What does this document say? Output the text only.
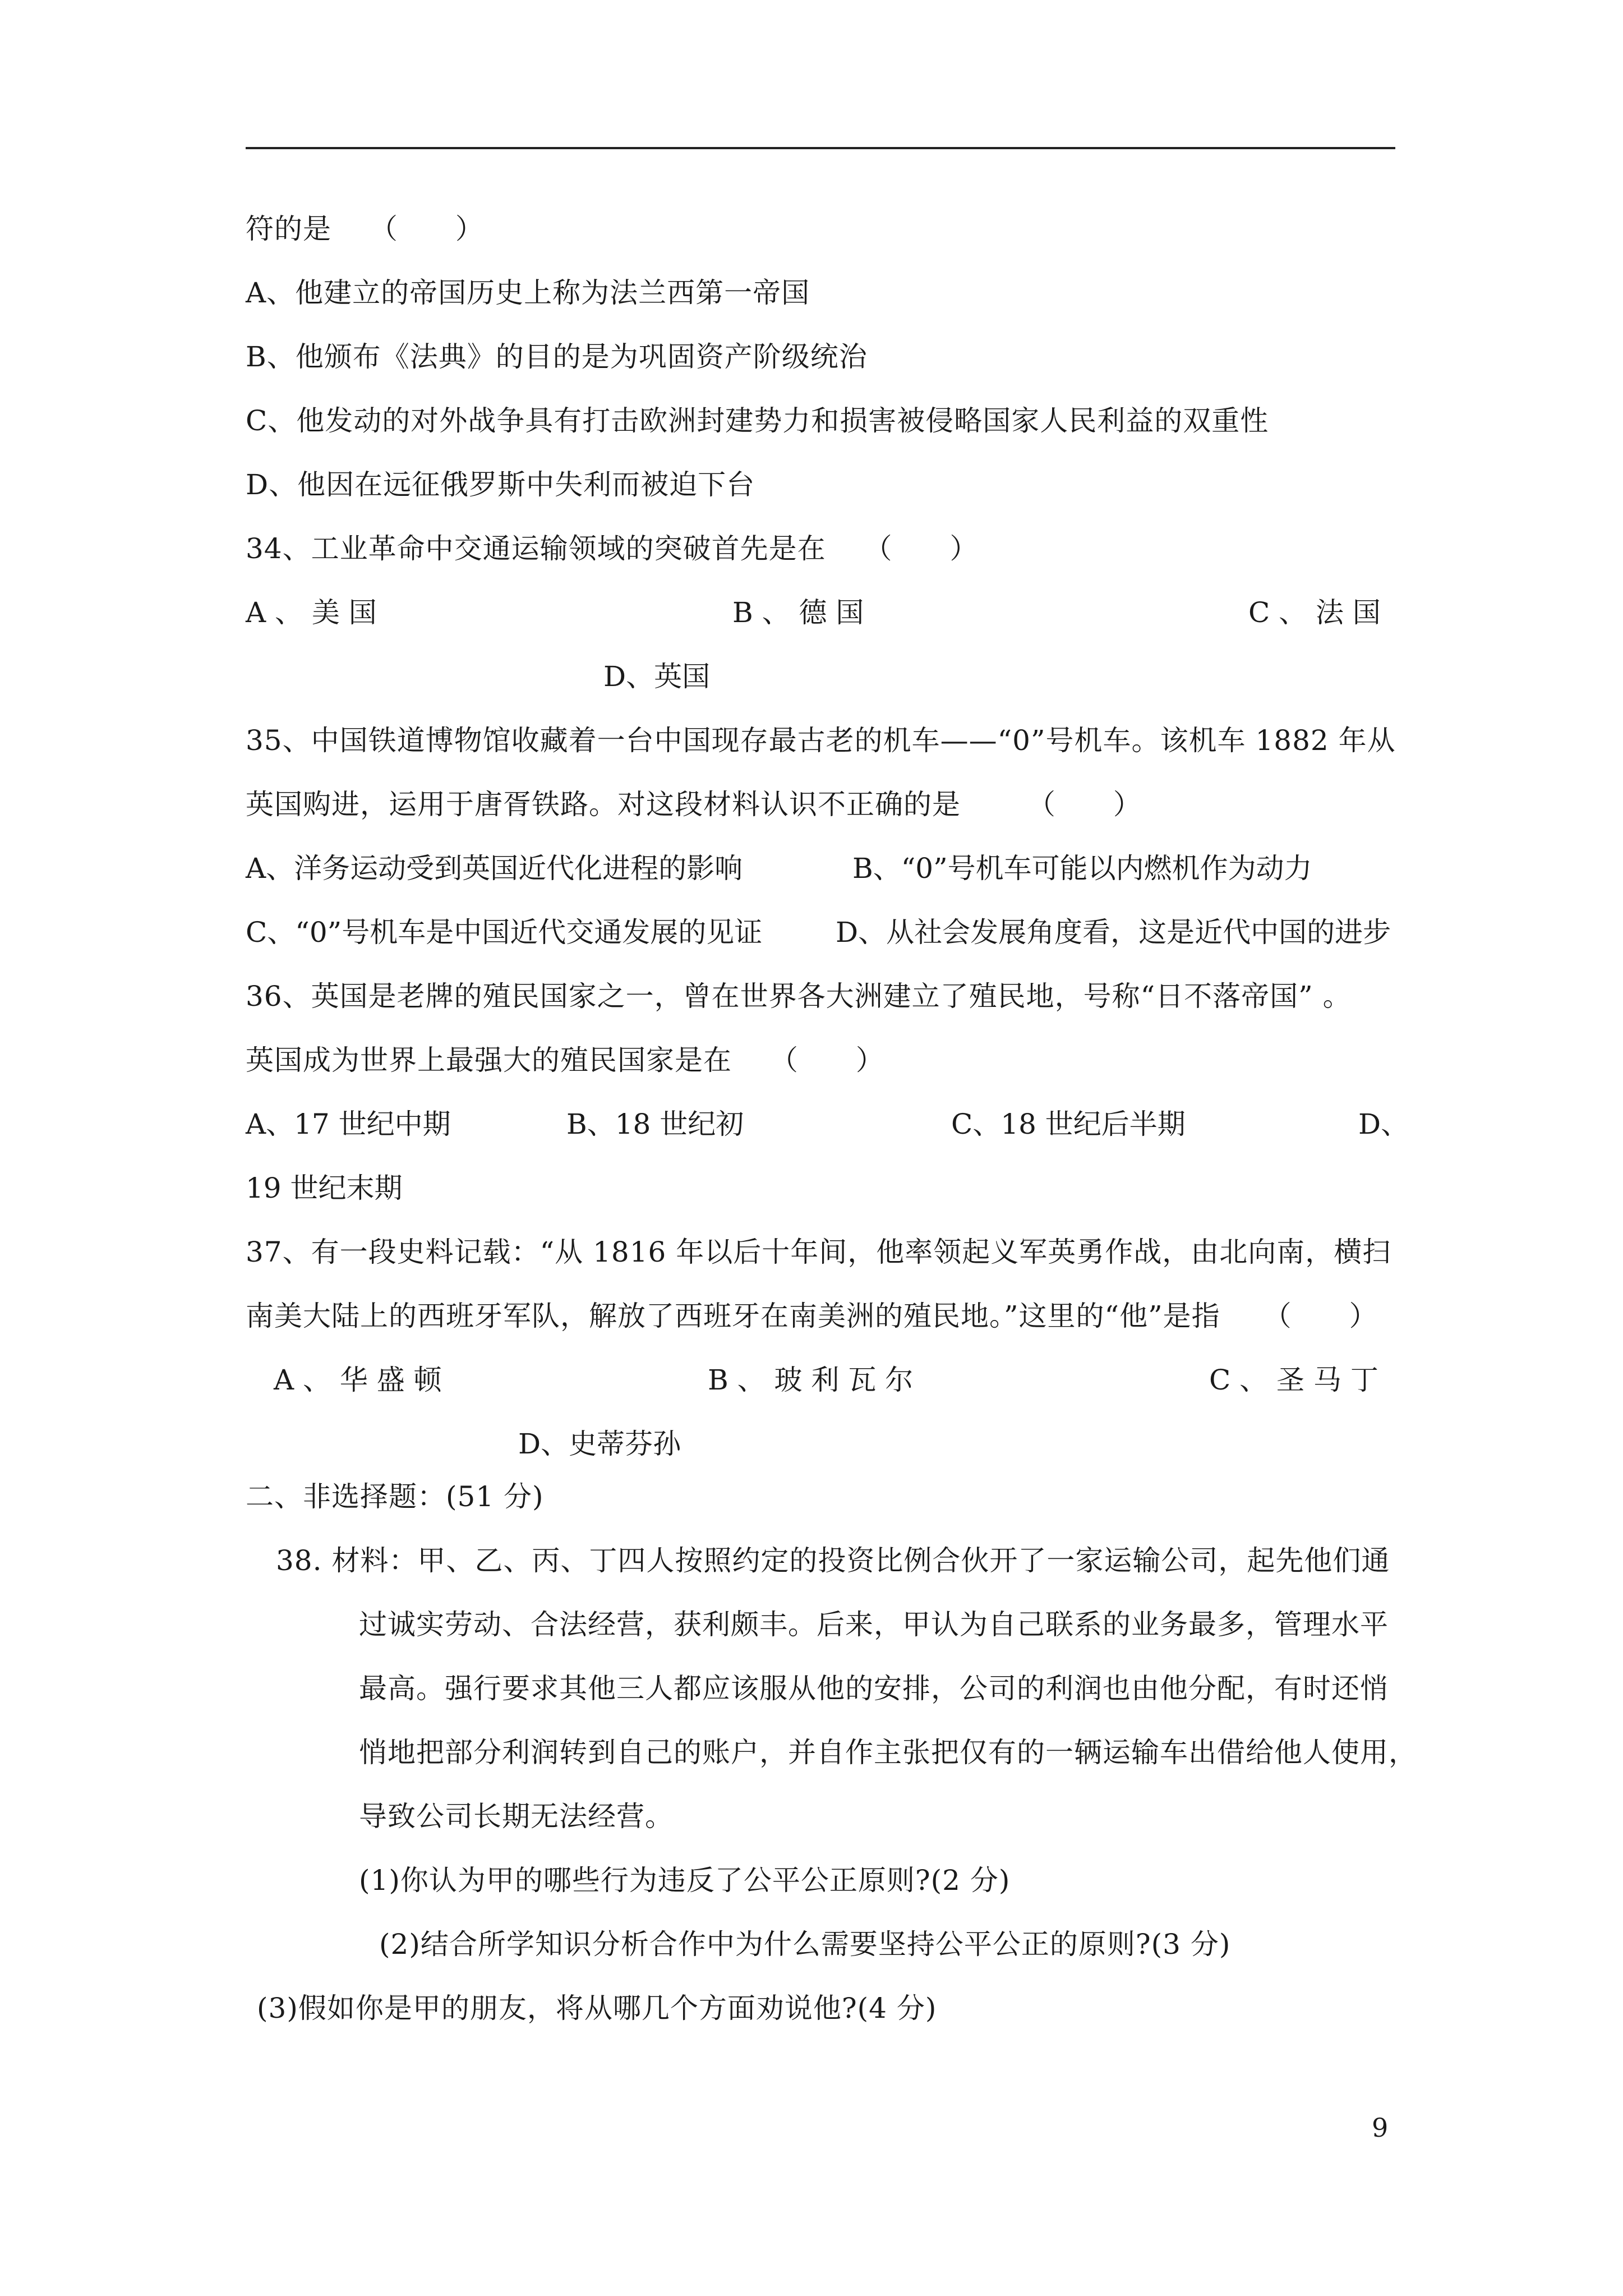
符的是　 （　　）
A、他建立的帝国历史上称为法兰西第一帝国
B、他颁布《法典》的目的是为巩固资产阶级统治
C、他发动的对外战争具有打击欧洲封建势力和损害被侵略国家人民利益的双重性
D、他因在远征俄罗斯中失利而被迫下台
34、工业革命中交通运输领域的突破首先是在　 （　　）
A 、 美 国	B 、 德 国	C 、 法 国
D、英国
35、中国铁道博物馆收藏着一台中国现存最古老的机车——“0”号机车。该机车 1882 年从
英国购进，运用于唐胥铁路。对这段材料认识不正确的是　　 （　　）
A、洋务运动受到英国近代化进程的影响	B、“0”号机车可能以内燃机作为动力
C、“0”号机车是中国近代交通发展的见证	D、从社会发展角度看，这是近代中国的进步
36、英国是老牌的殖民国家之一，曾在世界各大洲建立了殖民地，号称“日不落帝国” 。
英国成为世界上最强大的殖民国家是在　 （　　）
A、17 世纪中期	B、18 世纪初	C、18 世纪后半期	D、
19 世纪末期
37、有一段史料记载：“从 1816 年以后十年间，他率领起义军英勇作战，由北向南，横扫
南美大陆上的西班牙军队，解放了西班牙在南美洲的殖民地。”这里的“他”是指　　（　　）
A 、 华 盛 顿	B 、 玻 利 瓦 尔	C 、 圣 马 丁
D、史蒂芬孙
二、非选择题：(51 分)
38. 材料：甲、乙、丙、丁四人按照约定的投资比例合伙开了一家运输公司，起先他们通
过诚实劳动、合法经营，获利颇丰。后来，甲认为自己联系的业务最多，管理水平
最高。强行要求其他三人都应该服从他的安排，公司的利润也由他分配，有时还悄
悄地把部分利润转到自己的账户，并自作主张把仅有的一辆运输车出借给他人使用，
导致公司长期无法经营。
(1)你认为甲的哪些行为违反了公平公正原则?(2 分)
(2)结合所学知识分析合作中为什么需要坚持公平公正的原则?(3 分)
(3)假如你是甲的朋友，将从哪几个方面劝说他?(4 分)
9
